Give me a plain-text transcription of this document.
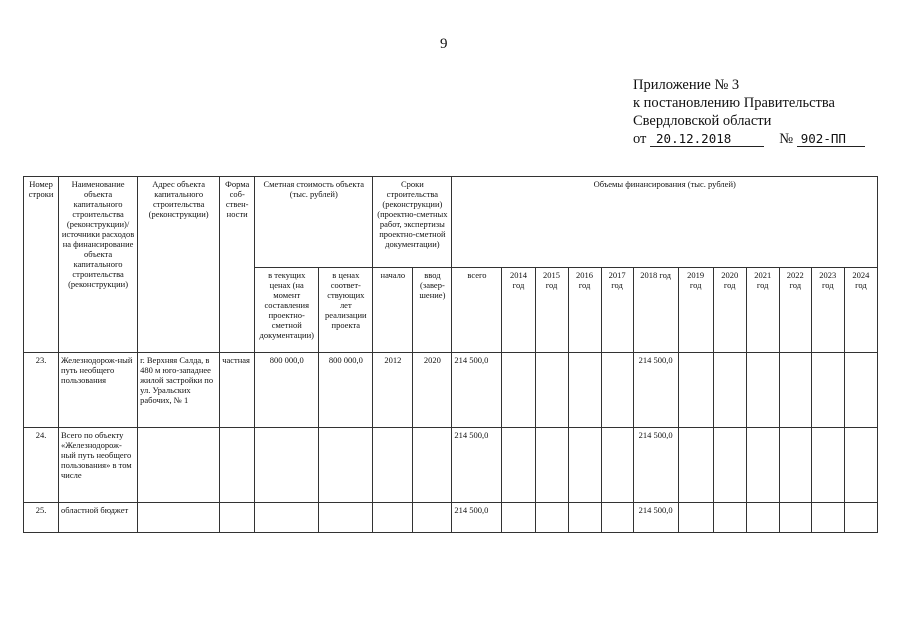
9
Приложение № 3
к постановлению Правительства
Свердловской области
от 20.12.2018	№ 902-ПП
Номер строки	Наименование объекта капитального строительства (реконструкции)/ источники расходов на финансирование объекта капитального строительства (реконструкции)	Адрес объекта капитального строительства (реконструкции)	Форма соб-ствен-ности	Сметная стоимость объекта (тыс. рублей)		Сроки строительства (реконструкции) (проектно-сметных работ, экспертизы проектно-сметной документации)		Объемы финансирования (тыс. рублей)											
				в текущих ценах (на момент составления проектно-сметной документации)	в ценах соответ-ствующих лет реализации проекта	начало	ввод (завер-шение)	всего	2014 год	2015 год	2016 год	2017 год	2018 год	2019 год	2020 год	2021 год	2022 год	2023 год	2024 год
23.	Железнодорож-ный путь необщего пользования	г. Верхняя Салда, в 480 м юго-западнее жилой застройки по ул. Уральских рабочих, № 1	частная	800 000,0	800 000,0	2012	2020	214 500,0					214 500,0						
24.	Всего по объекту «Железнодорож-ный путь необщего пользования» в том числе							214 500,0					214 500,0						
25.	областной бюджет							214 500,0					214 500,0						
